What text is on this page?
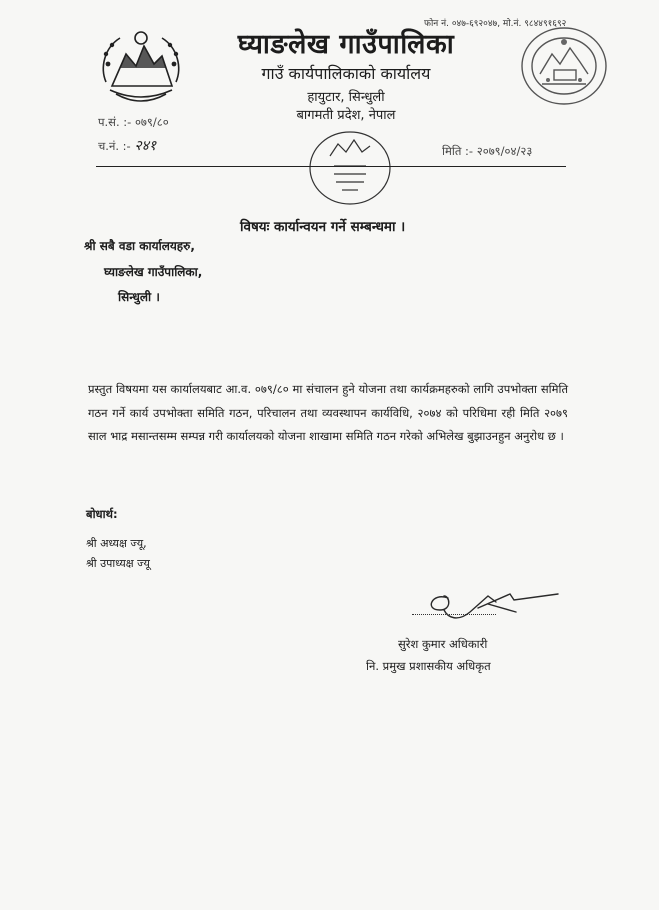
घ्याङलेख गाउँपालिका
गाउँ कार्यपालिकाको कार्यालय
हायुटार, सिन्धुली
बागमती प्रदेश, नेपाल
फोन नं. ०४७-६९२०४७, मो.नं. ९८४४९१६९२
प.सं. :- ०७९/८०
च.नं. :- २४१	मिति :- २०७९/०४/२३
विषयः कार्यान्वयन गर्ने सम्बन्धमा ।
श्री सबै वडा कार्यालयहरु,
घ्याङलेख गाउँपालिका,
सिन्धुली ।
प्रस्तुत विषयमा यस कार्यालयबाट आ.व. ०७९/८० मा संचालन हुने योजना तथा कार्यक्रमहरुको लागि उपभोक्ता समिति गठन गर्ने कार्य उपभोक्ता समिति गठन, परिचालन तथा व्यवस्थापन कार्यविधि, २०७४ को परिधिमा रही मिति २०७९ साल भाद्र मसान्तसम्म सम्पन्न गरी कार्यालयको योजना शाखामा समिति गठन गरेको अभिलेख बुझाउनहुन अनुरोध छ ।
बोधार्थ:
श्री अध्यक्ष ज्यू,
श्री उपाध्यक्ष ज्यू
सुरेश कुमार अधिकारी
नि. प्रमुख प्रशासकीय अधिकृत
